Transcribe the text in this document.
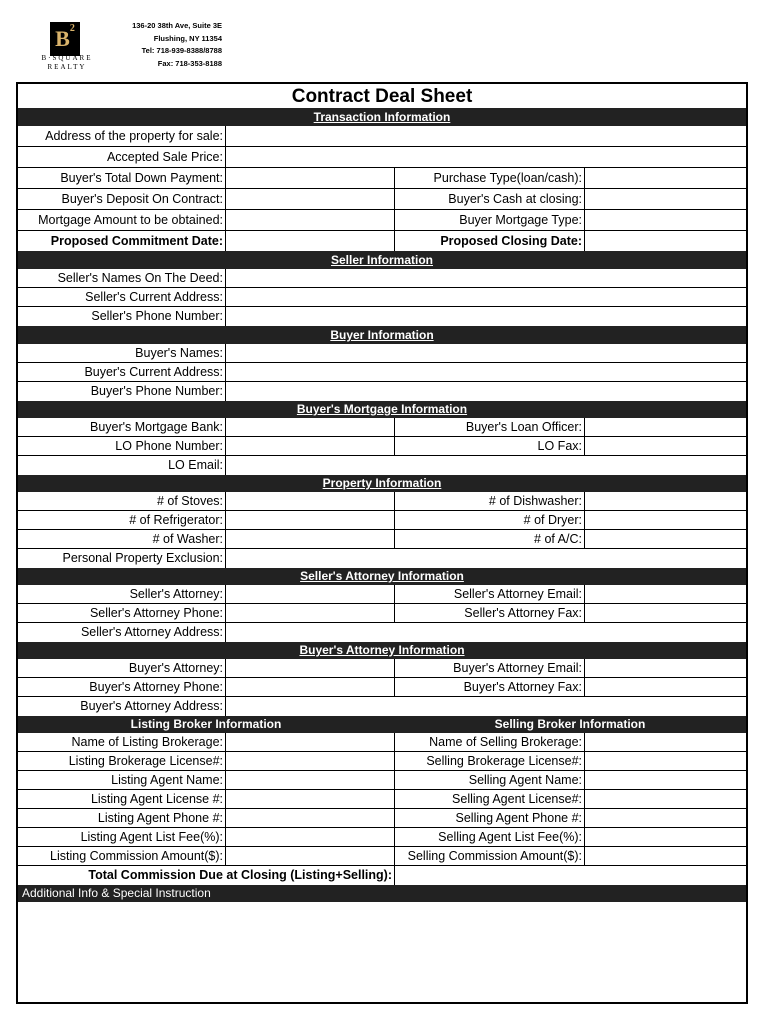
$B^2$
B·SQUARE REALTY
136-20 38th Ave, Suite 3E
Flushing, NY 11354
Tel: 718-939-8388/8788
Fax: 718-353-8188
Contract Deal Sheet
Transaction Information
Address of the property for sale:
Accepted Sale Price:
Buyer's Total Down Payment:	Purchase Type(loan/cash):
Buyer's Deposit On Contract:	Buyer's Cash at closing:
Mortgage Amount to be obtained:	Buyer Mortgage Type:
Proposed Commitment Date:	Proposed Closing Date:
Seller Information
Seller's Names On The Deed:
Seller's Current Address:
Seller's Phone Number:
Buyer Information
Buyer's Names:
Buyer's Current Address:
Buyer's Phone Number:
Buyer's Mortgage Information
Buyer's Mortgage Bank:	Buyer's Loan Officer:
LO Phone Number:	LO Fax:
LO Email:
Property Information
# of Stoves:	# of Dishwasher:
# of Refrigerator:	# of Dryer:
# of Washer:	# of A/C:
Personal Property Exclusion:
Seller's Attorney Information
Seller's Attorney:	Seller's Attorney Email:
Seller's Attorney Phone:	Seller's Attorney Fax:
Seller's Attorney Address:
Buyer's Attorney Information
Buyer's Attorney:	Buyer's Attorney Email:
Buyer's Attorney Phone:	Buyer's Attorney Fax:
Buyer's Attorney Address:
Listing Broker Information	Selling Broker Information
Name of Listing Brokerage:	Name of Selling Brokerage:
Listing Brokerage License#:	Selling Brokerage License#:
Listing Agent Name:	Selling Agent Name:
Listing Agent License #:	Selling Agent License#:
Listing Agent Phone #:	Selling Agent Phone #:
Listing Agent List Fee(%):	Selling Agent List Fee(%):
Listing Commission Amount($):	Selling Commission Amount($):
Total Commission Due at Closing (Listing+Selling):
Additional Info & Special Instruction
